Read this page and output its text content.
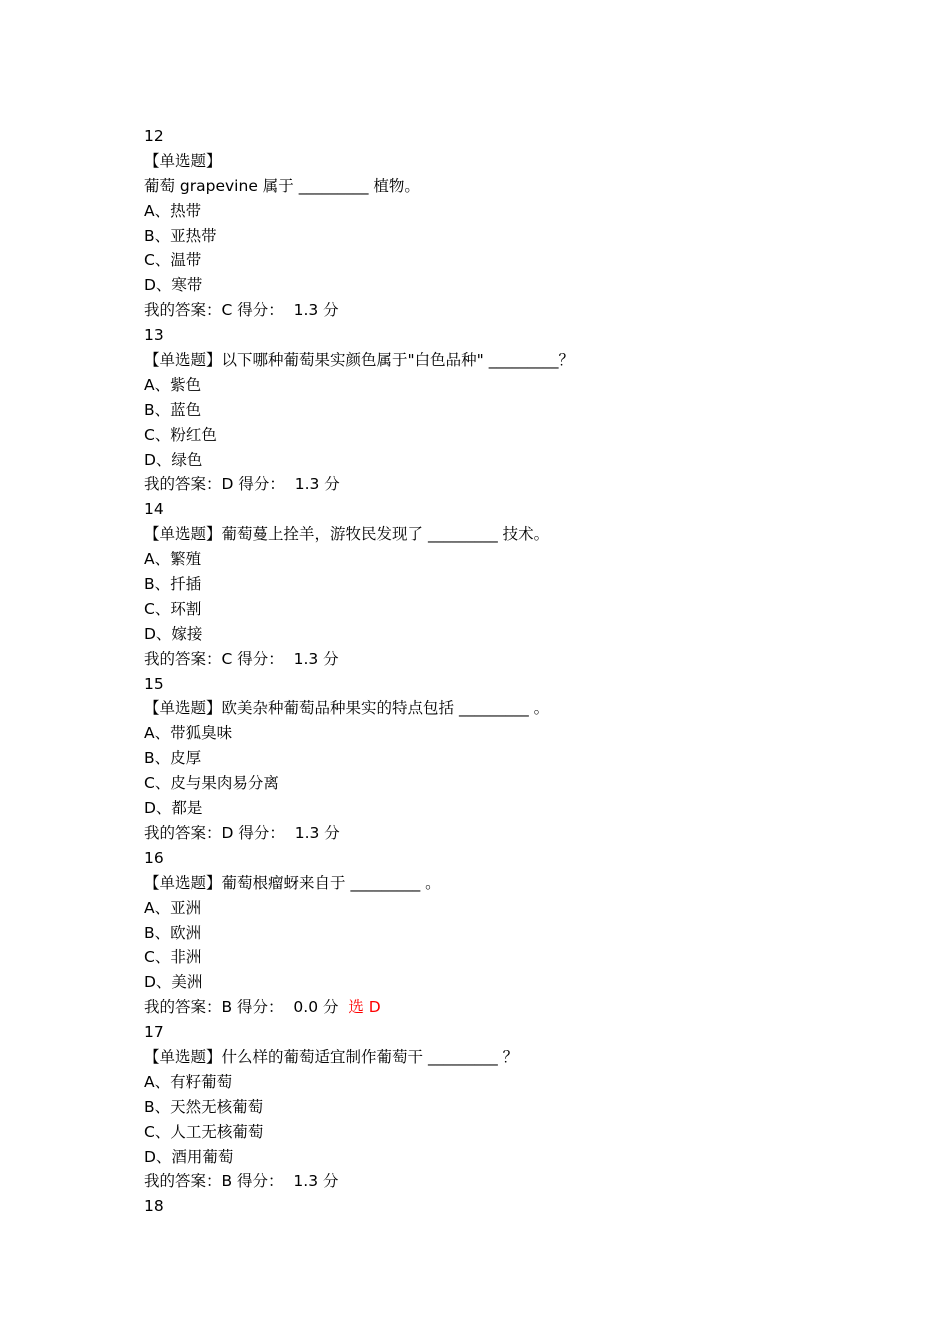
12
【单选题】
葡萄 grapevine 属于 _________ 植物。
A、热带
B、亚热带
C、温带
D、寒带
我的答案：C 得分：  1.3 分
13
【单选题】以下哪种葡萄果实颜色属于"白色品种" _________？
A、紫色
B、蓝色
C、粉红色
D、绿色
我的答案：D 得分：  1.3 分
14
【单选题】葡萄蔓上拴羊，游牧民发现了 _________ 技术。
A、繁殖
B、扦插
C、环割
D、嫁接
我的答案：C 得分：  1.3 分
15
【单选题】欧美杂种葡萄品种果实的特点包括 _________ 。
A、带狐臭味
B、皮厚
C、皮与果肉易分离
D、都是
我的答案：D 得分：  1.3 分
16
【单选题】葡萄根瘤蚜来自于 _________ 。
A、亚洲
B、欧洲
C、非洲
D、美洲
我的答案：B 得分：  0.0 分 选 D
17
【单选题】什么样的葡萄适宜制作葡萄干 _________ ？
A、有籽葡萄
B、天然无核葡萄
C、人工无核葡萄
D、酒用葡萄
我的答案：B 得分：  1.3 分
18
